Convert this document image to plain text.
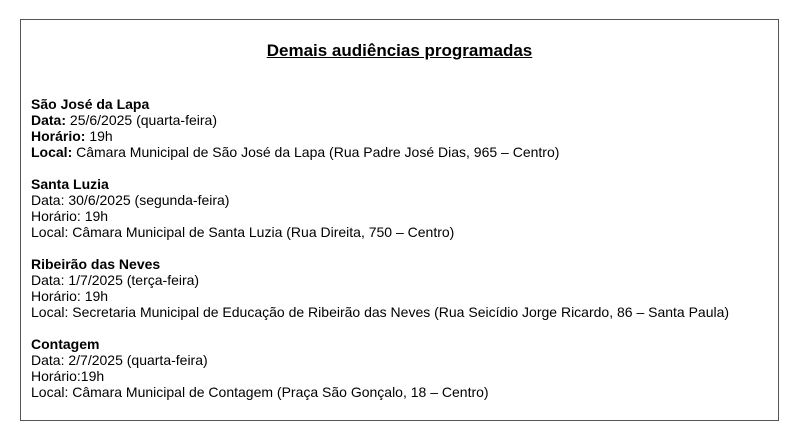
Demais audiências programadas
São José da Lapa
Data: 25/6/2025 (quarta-feira)
Horário: 19h
Local: Câmara Municipal de São José da Lapa (Rua Padre José Dias, 965 – Centro)
Santa Luzia
Data: 30/6/2025 (segunda-feira)
Horário: 19h
Local: Câmara Municipal de Santa Luzia (Rua Direita, 750 – Centro)
Ribeirão das Neves
Data: 1/7/2025 (terça-feira)
Horário: 19h
Local: Secretaria Municipal de Educação de Ribeirão das Neves (Rua Seicídio Jorge Ricardo, 86 – Santa Paula)
Contagem
Data: 2/7/2025 (quarta-feira)
Horário:19h
Local: Câmara Municipal de Contagem (Praça São Gonçalo, 18 – Centro)
